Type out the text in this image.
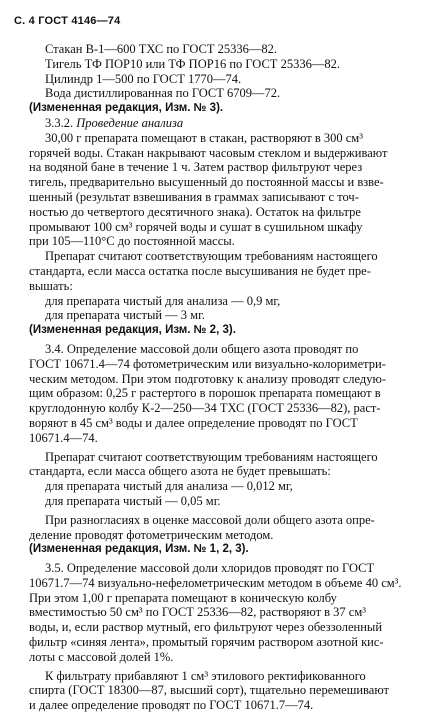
С. 4 ГОСТ 4146—74

Стакан В-1—600 ТХС по ГОСТ 25336—82.

Тигель ТФ ПОР10 или ТФ ПОР16 по ГОСТ 25336—82.

Цилиндр 1—500 по ГОСТ 1770—74.

Вода дистиллированная по ГОСТ 6709—72.

(Измененная редакция, Изм. № 3).

3.3.2. Проведение анализа

30,00 г препарата помещают в стакан, растворяют в 300 см³

горячей воды. Стакан накрывают часовым стеклом и выдерживают

на водяной бане в течение 1 ч. Затем раствор фильтруют через

тигель, предварительно высушенный до постоянной массы и взве-

шенный (результат взвешивания в граммах записывают с точ-

ностью до четвертого десятичного знака). Остаток на фильтре

промывают 100 см³ горячей воды и сушат в сушильном шкафу

при 105—110°С до постоянной массы.

Препарат считают соответствующим требованиям настоящего

стандарта, если масса остатка после высушивания не будет пре-

вышать:

для препарата чистый для анализа — 0,9 мг,

для препарата чистый — 3 мг.

(Измененная редакция, Изм. № 2, 3).

3.4. Определение массовой доли общего азота проводят по

ГОСТ 10671.4—74 фотометрическим или визуально-колориметри-

ческим методом. При этом подготовку к анализу проводят следую-

щим образом: 0,25 г растертого в порошок препарата помещают в

круглодонную колбу К-2—250—34 ТХС (ГОСТ 25336—82), раст-

воряют в 45 см³ воды и далее определение проводят по ГОСТ

10671.4—74.

Препарат считают соответствующим требованиям настоящего

стандарта, если масса общего азота не будет превышать:

для препарата чистый для анализа — 0,012 мг,

для препарата чистый — 0,05 мг.

При разногласиях в оценке массовой доли общего азота опре-

деление проводят фотометрическим методом.

(Измененная редакция, Изм. № 1, 2, 3).

3.5. Определение массовой доли хлоридов проводят по ГОСТ

10671.7—74 визуально-нефелометрическим методом в объеме 40 см³.

При этом 1,00 г препарата помещают в коническую колбу

вместимостью 50 см³ по ГОСТ 25336—82, растворяют в 37 см³

воды, и, если раствор мутный, его фильтруют через обеззоленный

фильтр «синяя лента», промытый горячим раствором азотной кис-

лоты с массовой долей 1%.

К фильтрату прибавляют 1 см³ этилового ректификованного

спирта (ГОСТ 18300—87, высший сорт), тщательно перемешивают

и далее определение проводят по ГОСТ 10671.7—74.
